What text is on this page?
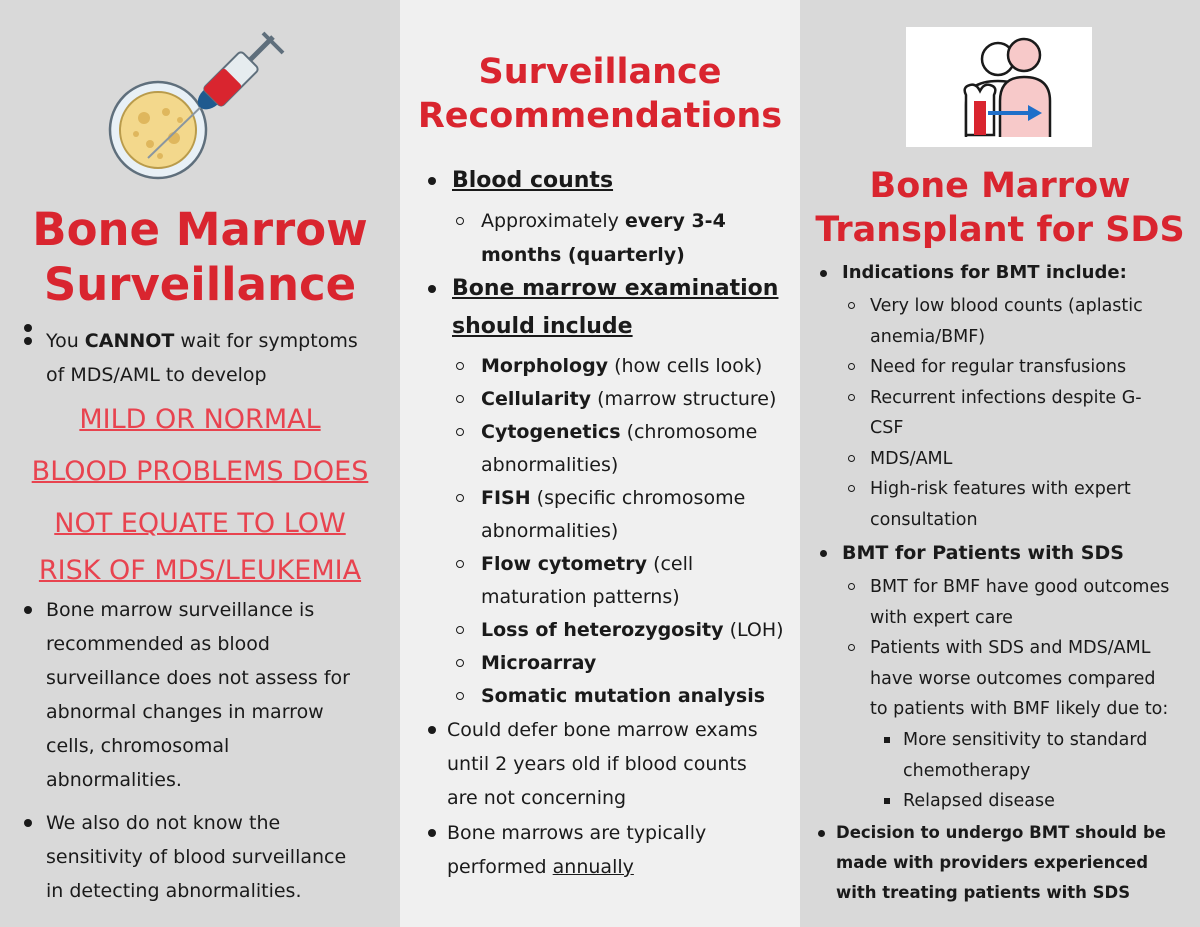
Bone Marrow
Surveillance
You CANNOT wait for symptoms
of MDS/AML to develop
MILD OR NORMAL
BLOOD PROBLEMS DOES
NOT EQUATE TO LOW
RISK OF MDS/LEUKEMIA
Bone marrow surveillance is
recommended as blood
surveillance does not assess for
abnormal changes in marrow
cells, chromosomal
abnormalities.
We also do not know the
sensitivity of blood surveillance
in detecting abnormalities.
Surveillance
Recommendations
Blood counts
Approximately every 3-4
months (quarterly)
Bone marrow examination
should include
Morphology (how cells look)
Cellularity (marrow structure)
Cytogenetics (chromosome
abnormalities)
FISH (specific chromosome
abnormalities)
Flow cytometry (cell
maturation patterns)
Loss of heterozygosity (LOH)
Microarray
Somatic mutation analysis
Could defer bone marrow exams
until 2 years old if blood counts
are not concerning
Bone marrows are typically
performed annually
Bone Marrow
Transplant for SDS
Indications for BMT include:
Very low blood counts (aplastic
anemia/BMF)
Need for regular transfusions
Recurrent infections despite G-
CSF
MDS/AML
High-risk features with expert
consultation
BMT for Patients with SDS
BMT for BMF have good outcomes
with expert care
Patients with SDS and MDS/AML
have worse outcomes compared
to patients with BMF likely due to:
More sensitivity to standard
chemotherapy
Relapsed disease
Decision to undergo BMT should be
made with providers experienced
with treating patients with SDS
